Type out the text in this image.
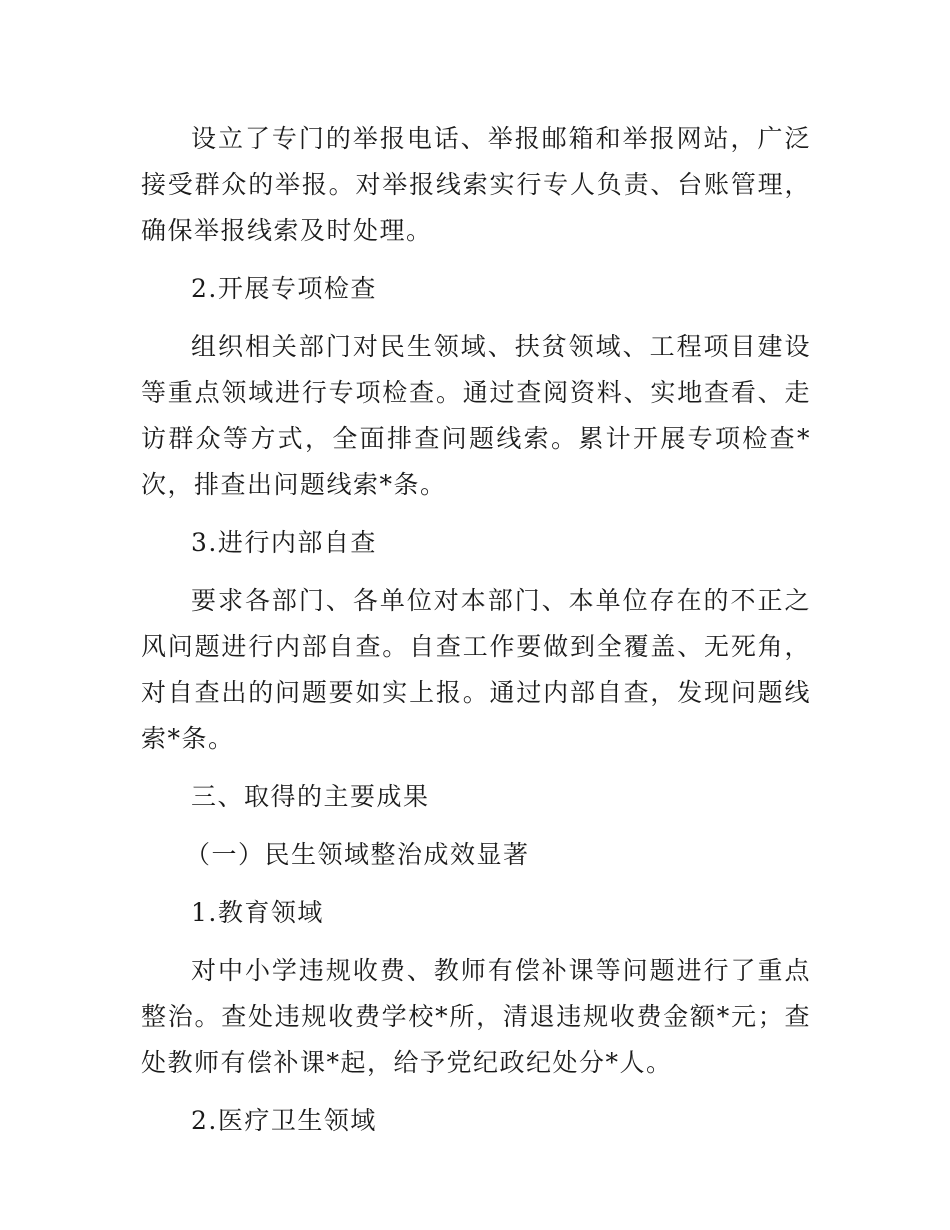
设立了专门的举报电话、举报邮箱和举报网站，广泛接受群众的举报。对举报线索实行专人负责、台账管理，确保举报线索及时处理。

2.开展专项检查

组织相关部门对民生领域、扶贫领域、工程项目建设等重点领域进行专项检查。通过查阅资料、实地查看、走访群众等方式，全面排查问题线索。累计开展专项检查*次，排查出问题线索*条。

3.进行内部自查

要求各部门、各单位对本部门、本单位存在的不正之风问题进行内部自查。自查工作要做到全覆盖、无死角，对自查出的问题要如实上报。通过内部自查，发现问题线索*条。

三、取得的主要成果

（一）民生领域整治成效显著

1.教育领域

对中小学违规收费、教师有偿补课等问题进行了重点整治。查处违规收费学校*所，清退违规收费金额*元；查处教师有偿补课*起，给予党纪政纪处分*人。

2.医疗卫生领域
